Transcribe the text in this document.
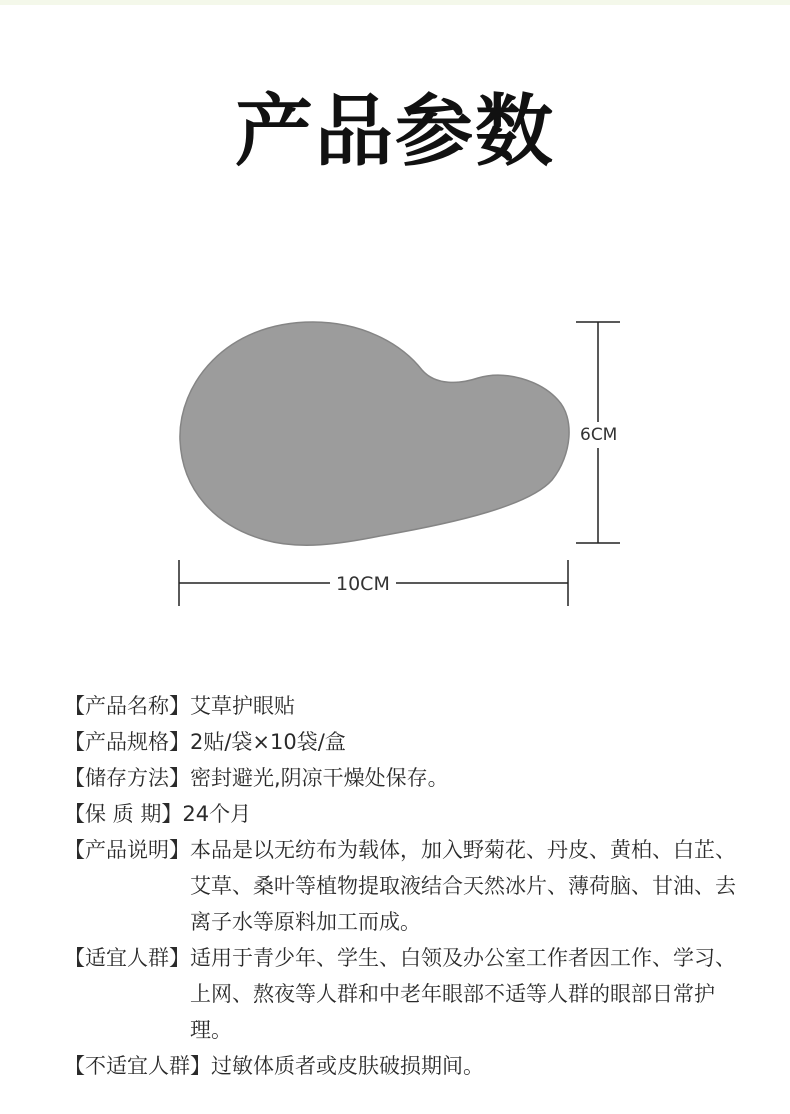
产品参数
10CM
6CM
【产品名称】 艾草护眼贴
【产品规格】 2贴/袋×10袋/盒
【储存方法】 密封避光,阴凉干燥处保存。
【保 质 期】 24个月
【产品说明】 本品是以无纺布为载体，加入野菊花、丹皮、黄柏、白芷、艾草、桑叶等植物提取液结合天然冰片、薄荷脑、甘油、去离子水等原料加工而成。
【适宜人群】 适用于青少年、学生、白领及办公室工作者因工作、学习、上网、熬夜等人群和中老年眼部不适等人群的眼部日常护理。
【不适宜人群】 过敏体质者或皮肤破损期间。
